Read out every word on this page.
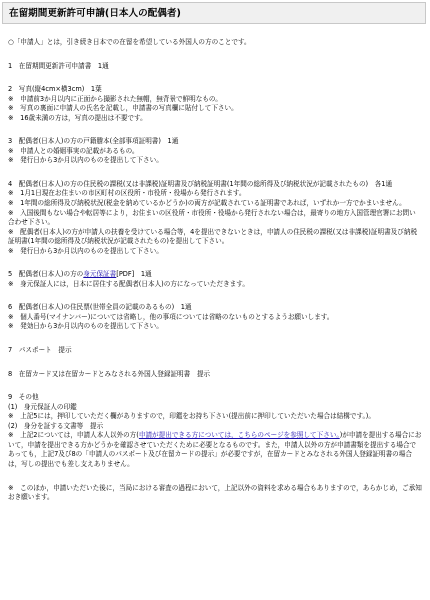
在留期間更新許可申請(日本人の配偶者)

○「申請人」とは，引き続き日本での在留を希望している外国人の方のことです。

1　在留期間更新許可申請書　1通

2　写真(縦4cm×横3cm)　1葉

※　申請前3か月以内に正面から撮影された無帽，無背景で鮮明なもの。

※　写真の裏面に申請人の氏名を記載し，申請書の写真欄に貼付して下さい。

※　16歳未満の方は，写真の提出は不要です。

3　配偶者(日本人)の方の戸籍謄本(全部事項証明書)　1通

※　申請人との婚姻事実の記載があるもの。

※　発行日から3か月以内のものを提出して下さい。

4　配偶者(日本人)の方の住民税の課税(又は非課税)証明書及び納税証明書(1年間の総所得及び納税状況が記載されたもの)　各1通

※　1月1日現在お住まいの市区町村の区役所・市役所・役場から発行されます。

※　1年間の総所得及び納税状況(税金を納めているかどうか)の両方が記載されている証明書であれば，いずれか一方でかまいません。

※　入国後間もない場合や転居等により，お住まいの区役所・市役所・役場から発行されない場合は，最寄りの地方入国管理官署にお問い合わせ下さい。

※　配偶者(日本人)の方が申請人の扶養を受けている場合等，4を提出できないときは，申請人の住民税の課税(又は非課税)証明書及び納税証明書(1年間の総所得及び納税状況が記載されたもの)を提出して下さい。

※　発行日から3か月以内のものを提出して下さい。

5　配偶者(日本人)の方の身元保証書[PDF]　1通

※　身元保証人には，日本に居住する配偶者(日本人)の方になっていただきます。

6　配偶者(日本人)の住民票(世帯全員の記載のあるもの)　1通

※　個人番号(マイナンバー)については省略し，他の事項については省略のないものとするようお願いします。

※　発効日から3か月以内のものを提出して下さい。

7　パスポート　提示

8　在留カード又は在留カードとみなされる外国人登録証明書　提示

9　その他

(1)　身元保証人の印鑑

※　上記5には，押印していただく欄がありますので，印鑑をお持ち下さい(提出前に押印していただいた場合は結構です。)。

(2)　身分を証する文書等　提示

※　上記2については，申請人本人以外の方(申請が提出できる方については，こちらのページを参照して下さい。)が申請を提出する場合において，申請を提出できる方かどうかを確認させていただくために必要となるものです。また，申請人以外の方が申請書類を提出する場合であっても，上記7及び8の「申請人のパスポート及び在留カードの提示」が必要ですが，在留カードとみなされる外国人登録証明書の場合は，写しの提出でも差し支えありません。

※　このほか，申請いただいた後に，当局における審査の過程において，上記以外の資料を求める場合もありますので，あらかじめ，ご承知おき願います。
